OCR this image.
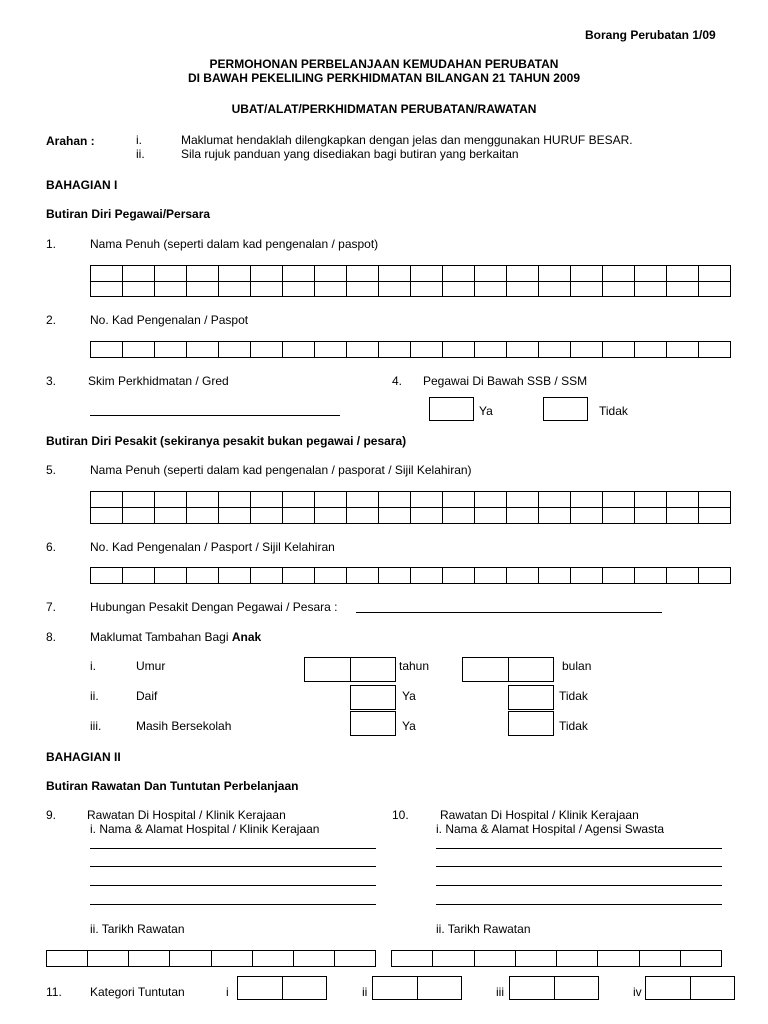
Borang Perubatan 1/09
PERMOHONAN PERBELANJAAN KEMUDAHAN PERUBATAN
DI BAWAH PEKELILING PERKHIDMATAN BILANGAN 21 TAHUN 2009
UBAT/ALAT/PERKHIDMATAN PERUBATAN/RAWATAN
Arahan :	i.	Maklumat hendaklah dilengkapkan dengan jelas dan menggunakan HURUF BESAR.
ii.	Sila rujuk panduan yang disediakan bagi butiran yang berkaitan
BAHAGIAN I
Butiran Diri Pegawai/Persara
1.	Nama Penuh (seperti dalam kad pengenalan / paspot)
2.	No. Kad Pengenalan / Paspot
3.	Skim Perkhidmatan / Gred	4. Pegawai Di Bawah SSB / SSM
Ya	Tidak
Butiran Diri Pesakit (sekiranya pesakit bukan pegawai / pesara)
5.	Nama Penuh (seperti dalam kad pengenalan / pasporat / Sijil Kelahiran)
6.	No. Kad Pengenalan / Pasport / Sijil Kelahiran
7.	Hubungan Pesakit Dengan Pegawai / Pesara :
8.	Maklumat Tambahan Bagi Anak
i.	Umur	tahun	bulan
ii.	Daif	Ya	Tidak
iii.	Masih Bersekolah	Ya	Tidak
BAHAGIAN II
Butiran Rawatan Dan Tuntutan Perbelanjaan
9.	Rawatan Di Hospital / Klinik Kerajaan
i. Nama & Alamat Hospital / Klinik Kerajaan
ii. Tarikh Rawatan
10.	Rawatan Di Hospital / Klinik Kerajaan
i. Nama & Alamat Hospital / Agensi Swasta
ii. Tarikh Rawatan
11. Kategori Tuntutan	i	ii	iii	iv
